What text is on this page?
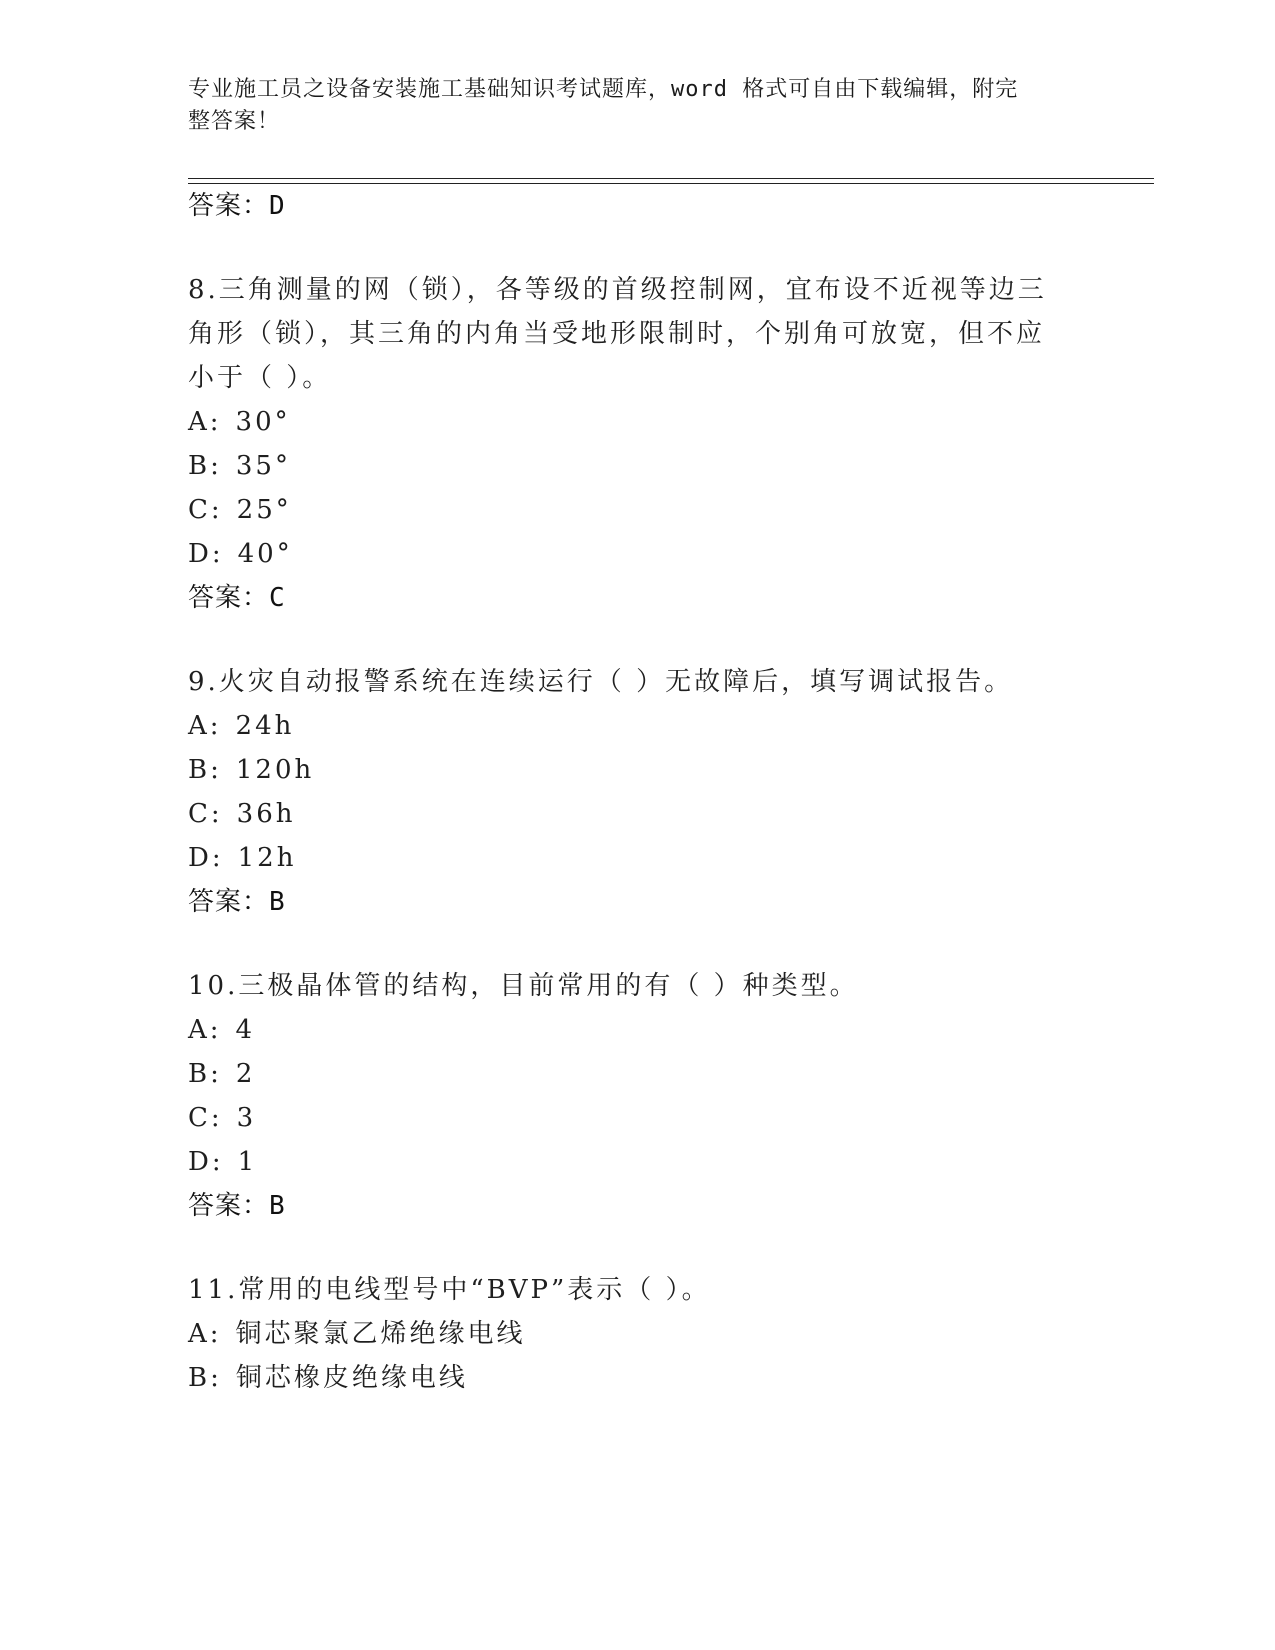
专业施工员之设备安装施工基础知识考试题库，word 格式可自由下载编辑，附完
整答案！
答案：D
8.三角测量的网（锁），各等级的首级控制网，宜布设不近视等边三
角形（锁），其三角的内角当受地形限制时，个别角可放宽，但不应
小于（ ）。
A: 30°
B: 35°
C: 25°
D: 40°
答案：C
9.火灾自动报警系统在连续运行（ ）无故障后，填写调试报告。
A: 24h
B: 120h
C: 36h
D: 12h
答案：B
10.三极晶体管的结构，目前常用的有（ ）种类型。
A: 4
B: 2
C: 3
D: 1
答案：B
11.常用的电线型号中“BVP”表示（ ）。
A: 铜芯聚氯乙烯绝缘电线
B: 铜芯橡皮绝缘电线
